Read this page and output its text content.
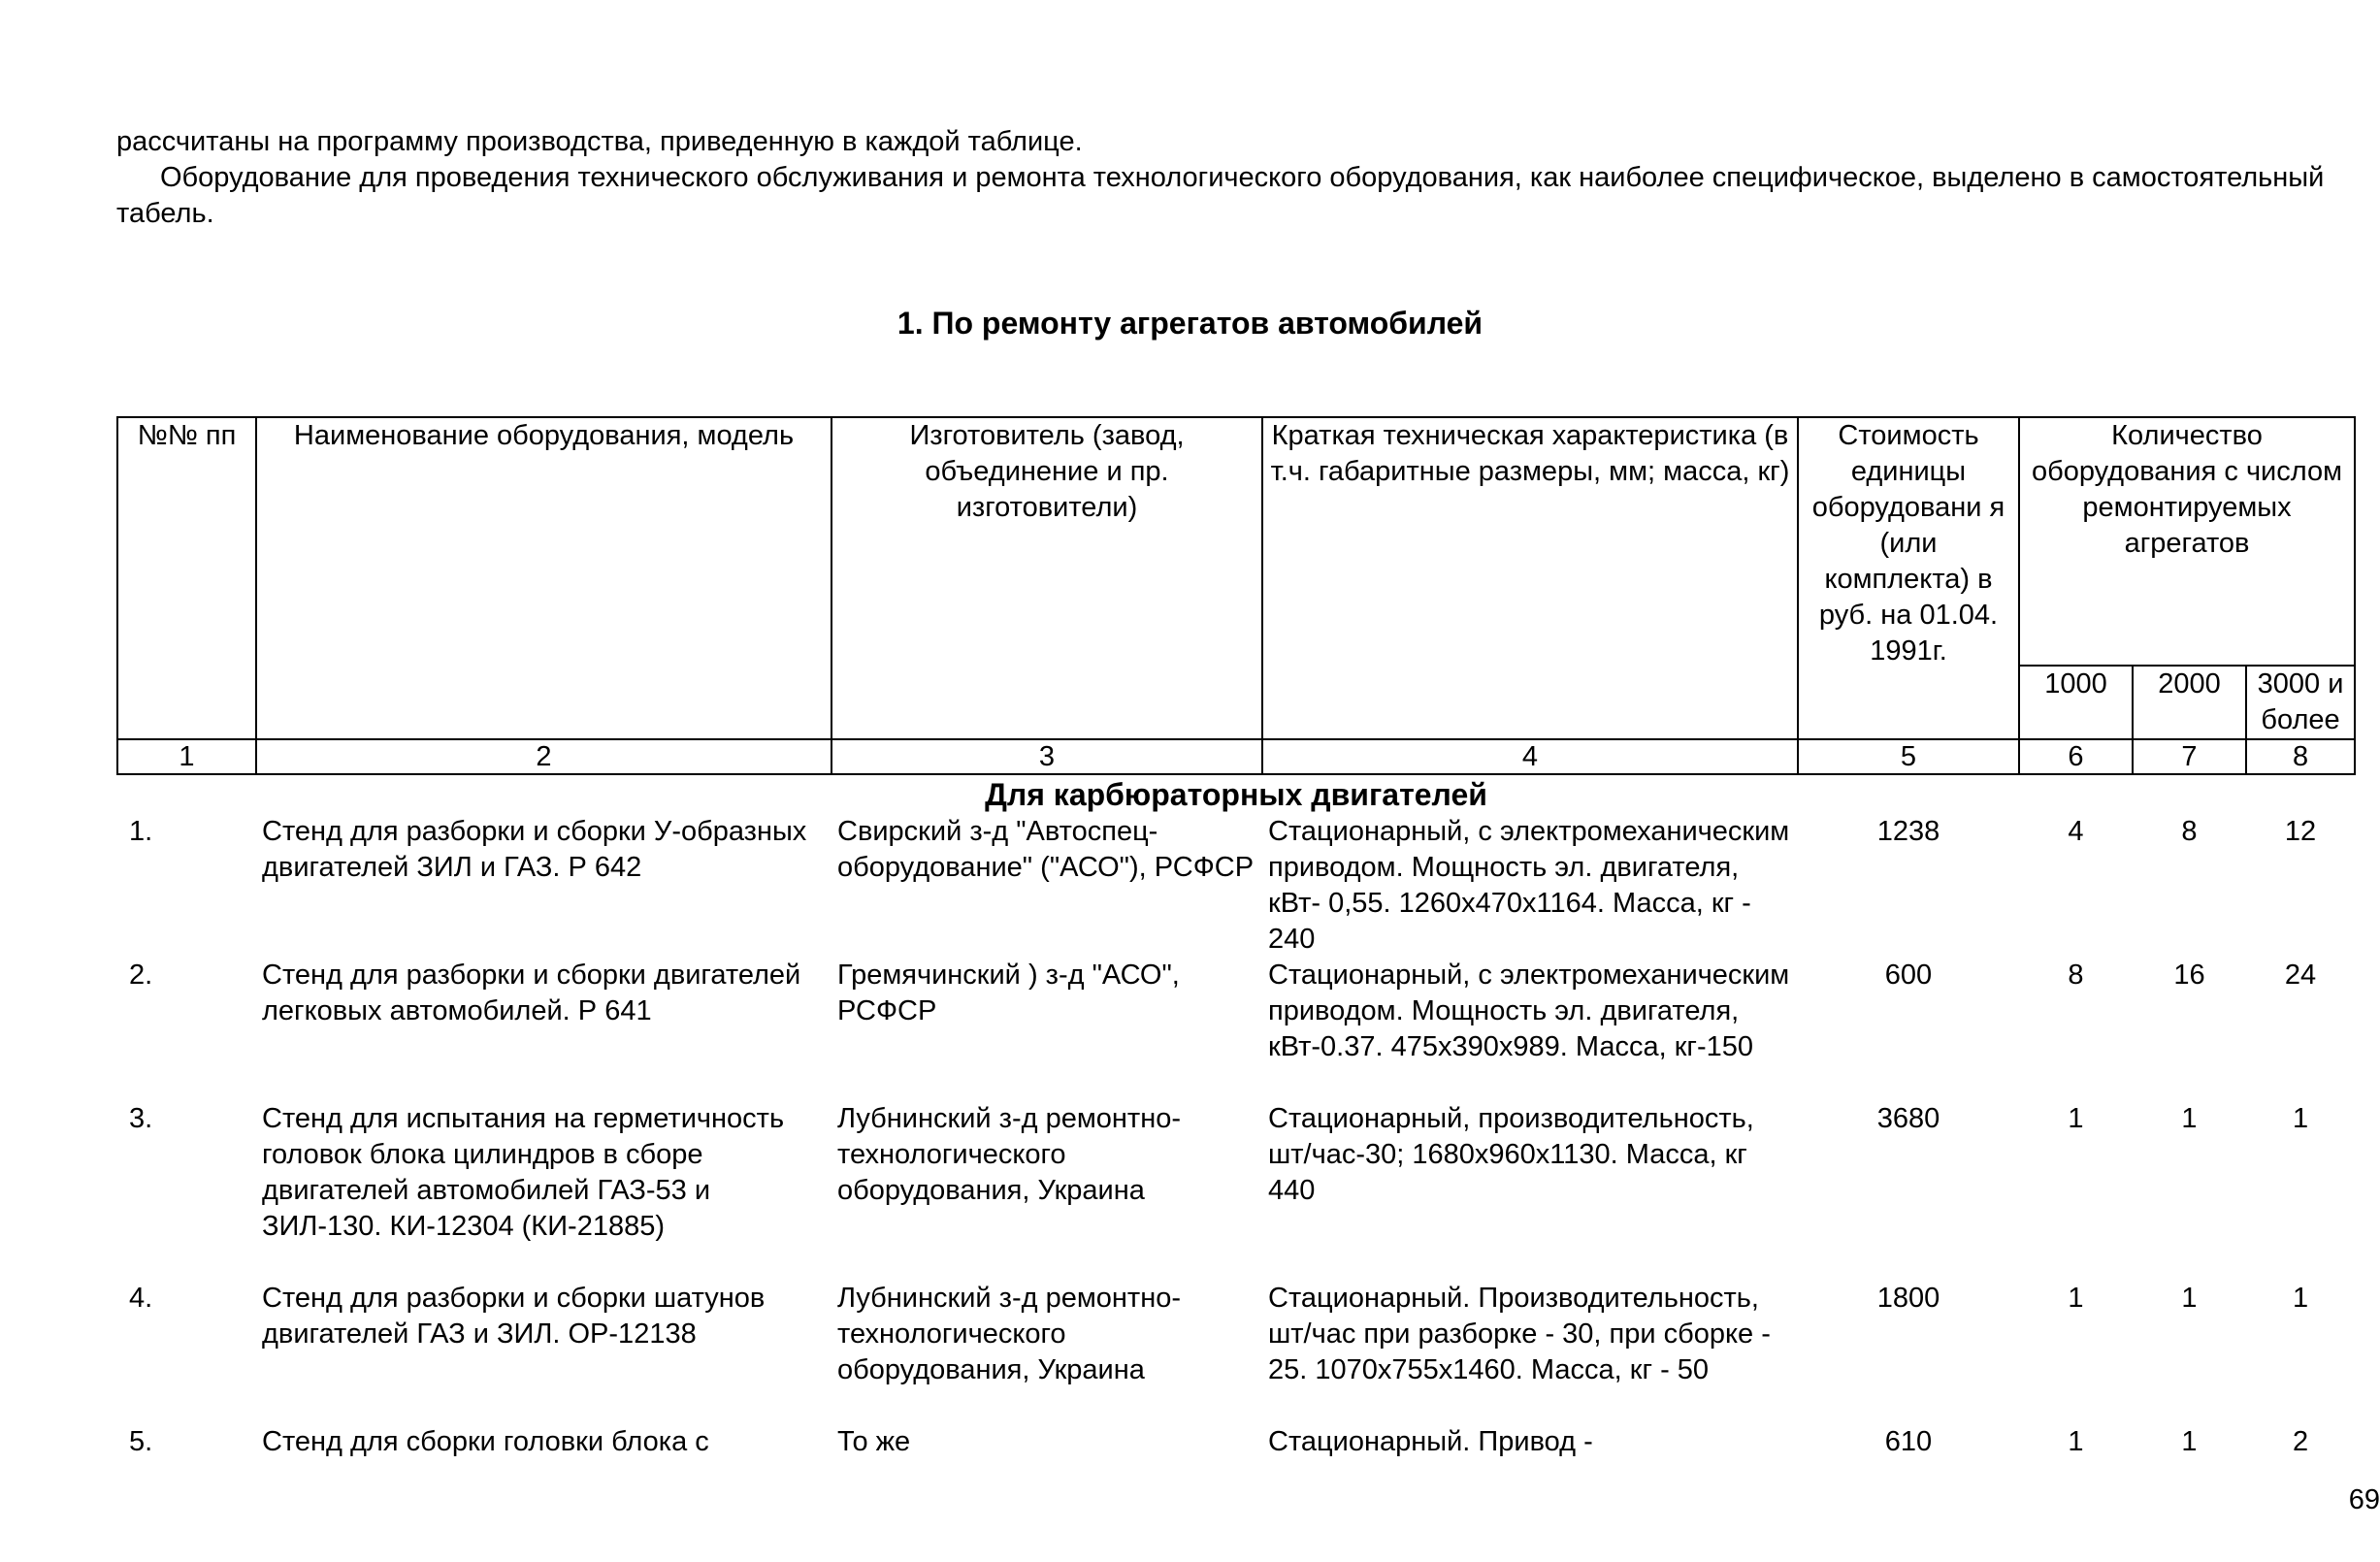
рассчитаны на программу производства, приведенную в каждой таблице.

Оборудование для проведения технического обслуживания и ремонта технологического оборудования, как наиболее специфическое, выделено в самостоятельный табель.

1. По ремонту агрегатов автомобилей
№№ пп	Наименование оборудования, модель	Изготовитель (завод, объединение и пр. изготовители)	Краткая техническая характеристика (в т.ч. габаритные размеры, мм; масса, кг)	Стоимость единицы оборудовани я (или комплекта) в руб. на 01.04. 1991г.	Количество оборудования с числом ремонтируемых агрегатов		
					1000	2000	3000 и более
1	2	3	4	5	6	7	8
Для карбюраторных двигателей							
1.	Стенд для разборки и сборки У-образных двигателей ЗИЛ и ГАЗ. Р 642	Свирский з-д "Автоспец-оборудование" ("АСО"), РСФСР	Стационарный, с электромеханическим приводом. Мощность эл. двигателя, кВт- 0,55. 1260x470x1164. Масса, кг - 240	1238	4	8	12
2.	Стенд для разборки и сборки двигателей легковых автомобилей. Р 641	Гремячинский ) з-д "АСО", РСФСР	Стационарный, с электромеханическим приводом. Мощность эл. двигателя, кВт-0.37. 475x390x989. Масса, кг-150	600	8	16	24
3.	Стенд для испытания на герметичность головок блока цилиндров в сборе двигателей автомобилей ГАЗ-53 и ЗИЛ-130. КИ-12304 (КИ-21885)	Лубнинский з-д ремонтно-технологического оборудования, Украина	Стационарный, производительность, шт/час-30; 1680x960x1130. Масса, кг 440	3680	1	1	1
4.	Стенд для разборки и сборки шатунов двигателей ГАЗ и ЗИЛ. ОР-12138	Лубнинский з-д ремонтно-технологического оборудования, Украина	Стационарный. Производительность, шт/час при разборке - 30, при сборке - 25. 1070x755x1460. Масса, кг - 50	1800	1	1	1
5.	Стенд для сборки головки блока с	То же	Стационарный. Привод -	610	1	1	2
69
